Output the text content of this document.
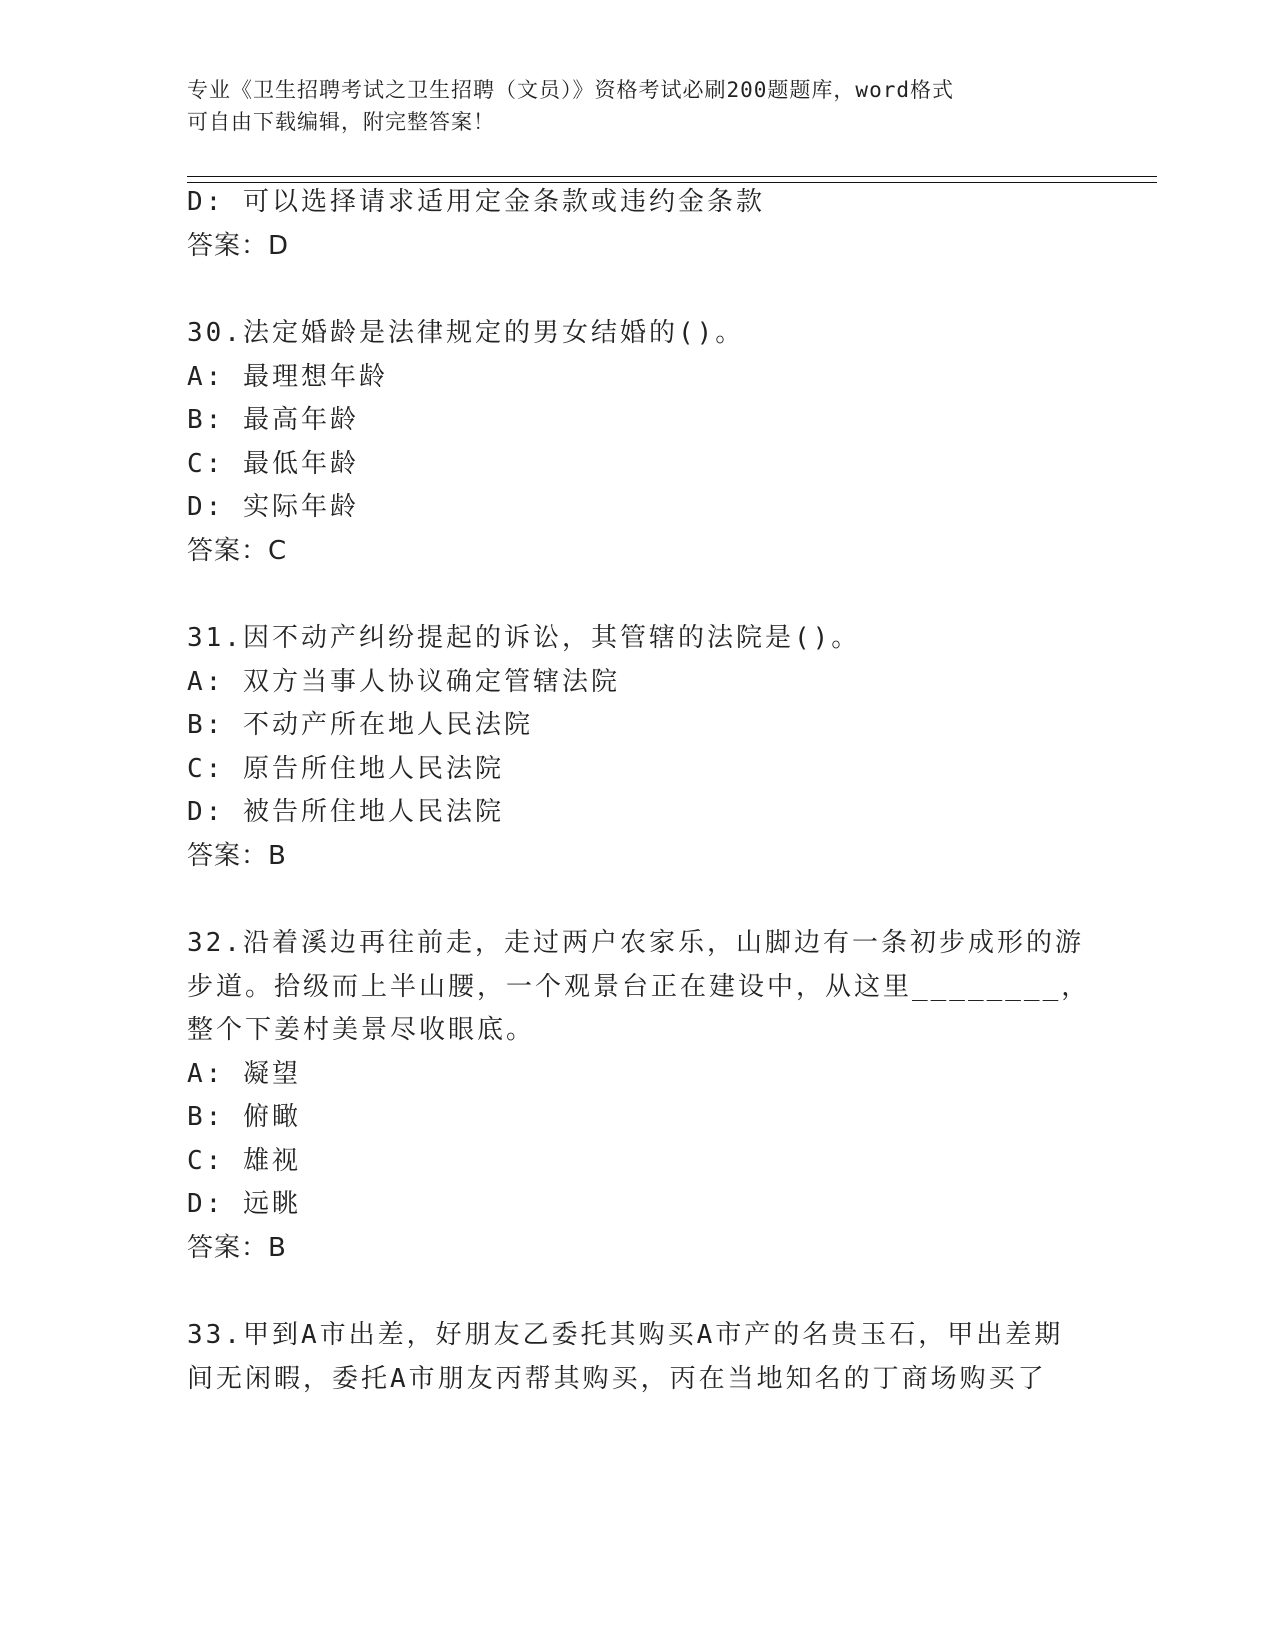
专业《卫生招聘考试之卫生招聘（文员）》资格考试必刷200题题库，word格式
可自由下载编辑，附完整答案！
D: 可以选择请求适用定金条款或违约金条款
答案：D
30.法定婚龄是法律规定的男女结婚的()。
A: 最理想年龄
B: 最高年龄
C: 最低年龄
D: 实际年龄
答案：C
31.因不动产纠纷提起的诉讼，其管辖的法院是()。
A: 双方当事人协议确定管辖法院
B: 不动产所在地人民法院
C: 原告所住地人民法院
D: 被告所住地人民法院
答案：B
32.沿着溪边再往前走，走过两户农家乐，山脚边有一条初步成形的游
步道。拾级而上半山腰，一个观景台正在建设中，从这里________，
整个下姜村美景尽收眼底。
A: 凝望
B: 俯瞰
C: 雄视
D: 远眺
答案：B
33.甲到A市出差，好朋友乙委托其购买A市产的名贵玉石，甲出差期
间无闲暇，委托A市朋友丙帮其购买，丙在当地知名的丁商场购买了
